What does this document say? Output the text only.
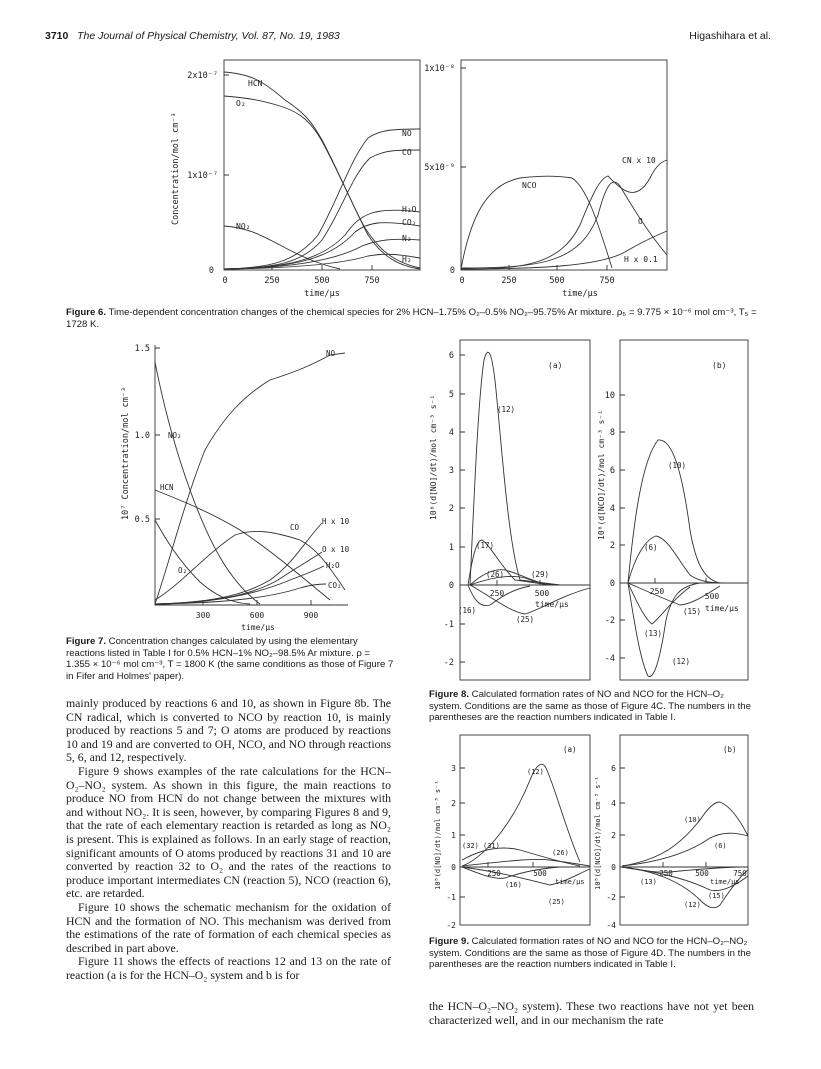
3710 The Journal of Physical Chemistry, Vol. 87, No. 19, 1983	Higashihara et al.
Concentration/mol cm⁻³
2x10⁻⁷
1x10⁻⁷
0
0	250	500	750
time/μs
HCN
O₂
NO
CO
NO₂
H₂O
CO₂
N₂
H₂
1x10⁻⁸
5x10⁻⁹
0
0	250	500	750
time/μs
NCO
CN x 10
O
H x 0.1
Figure 6. Time-dependent concentration changes of the chemical species for 2% HCN–1.75% O₂–0.5% NO₂–95.75% Ar mixture. ρ₅ = 9.775 × 10⁻⁶ mol cm⁻³, T₅ = 1728 K.
10⁷ Concentration/mol cm⁻³
1.5
1.0
0.5
300	600	900
time/μs
NO
NO₂
HCN
CO
H x 10
O x 10
H₂O
CO₂
O₂
Figure 7. Concentration changes calculated by using the elementary reactions listed in Table I for 0.5% HCN–1% NO₂–98.5% Ar mixture. ρ = 1.355 × 10⁻⁶ mol cm⁻³, T = 1800 K (the same conditions as those of Figure 7 in Fifer and Holmes' paper).
10⁸(d[NO]/dt)/mol cm⁻³ s⁻¹
(a)
6
5
4
3
2
1
0
-1
-2
250	500
time/μs
(12)
(17)
(26)	(29)
(16)
(25)
10⁸(d[NCO]/dt)/mol cm⁻³ s⁻¹
(b)
10
8
6
4
2
0
-2
-4
250
500
time/μs
(10)
(6)
(15)
(13)
(12)
Figure 8. Calculated formation rates of NO and NCO for the HCN–O₂ system. Conditions are the same as those of Figure 4C. The numbers in the parentheses are the reaction numbers indicated in Table I.
10⁸(d[NO]/dt)/mol cm⁻³ s⁻¹
(a)
3
2
1
0
-1
-2
250	500
time/μs
(12)
(32) (31)
(26)
(16)
(25)
10⁸(d[NCO]/dt)/mol cm⁻³ s⁻¹
(b)
6
4
2
0
-2
-4
250	500	750
time/μs
(10)
(6)
(13)
(15)
(12)
Figure 9. Calculated formation rates of NO and NCO for the HCN–O₂–NO₂ system. Conditions are the same as those of Figure 4D. The numbers in the parentheses are the reaction numbers indicated in Table I.

mainly produced by reactions 6 and 10, as shown in Figure 8b. The CN radical, which is converted to NCO by reaction 10, is mainly produced by reactions 5 and 7; O atoms are produced by reactions 10 and 19 and are converted to OH, NCO, and NO through reactions 5, 6, and 12, respectively.

Figure 9 shows examples of the rate calculations for the HCN–O₂–NO₂ system. As shown in this figure, the main reactions to produce NO from HCN do not change between the mixtures with and without NO₂. It is seen, however, by comparing Figures 8 and 9, that the rate of each elementary reaction is retarded as long as NO₂ is present. This is explained as follows. In an early stage of reaction, significant amounts of O atoms produced by reactions 31 and 10 are converted by reaction 32 to O₂ and the rates of the reactions to produce important intermediates CN (reaction 5), NCO (reaction 6), etc. are retarded.

Figure 10 shows the schematic mechanism for the oxidation of HCN and the formation of NO. This mechanism was derived from the estimations of the rate of formation of each chemical species as described in part above.

Figure 11 shows the effects of reactions 12 and 13 on the rate of reaction (a is for the HCN–O₂ system and b is for

the HCN–O₂–NO₂ system). These two reactions have not yet been characterized well, and in our mechanism the rate
